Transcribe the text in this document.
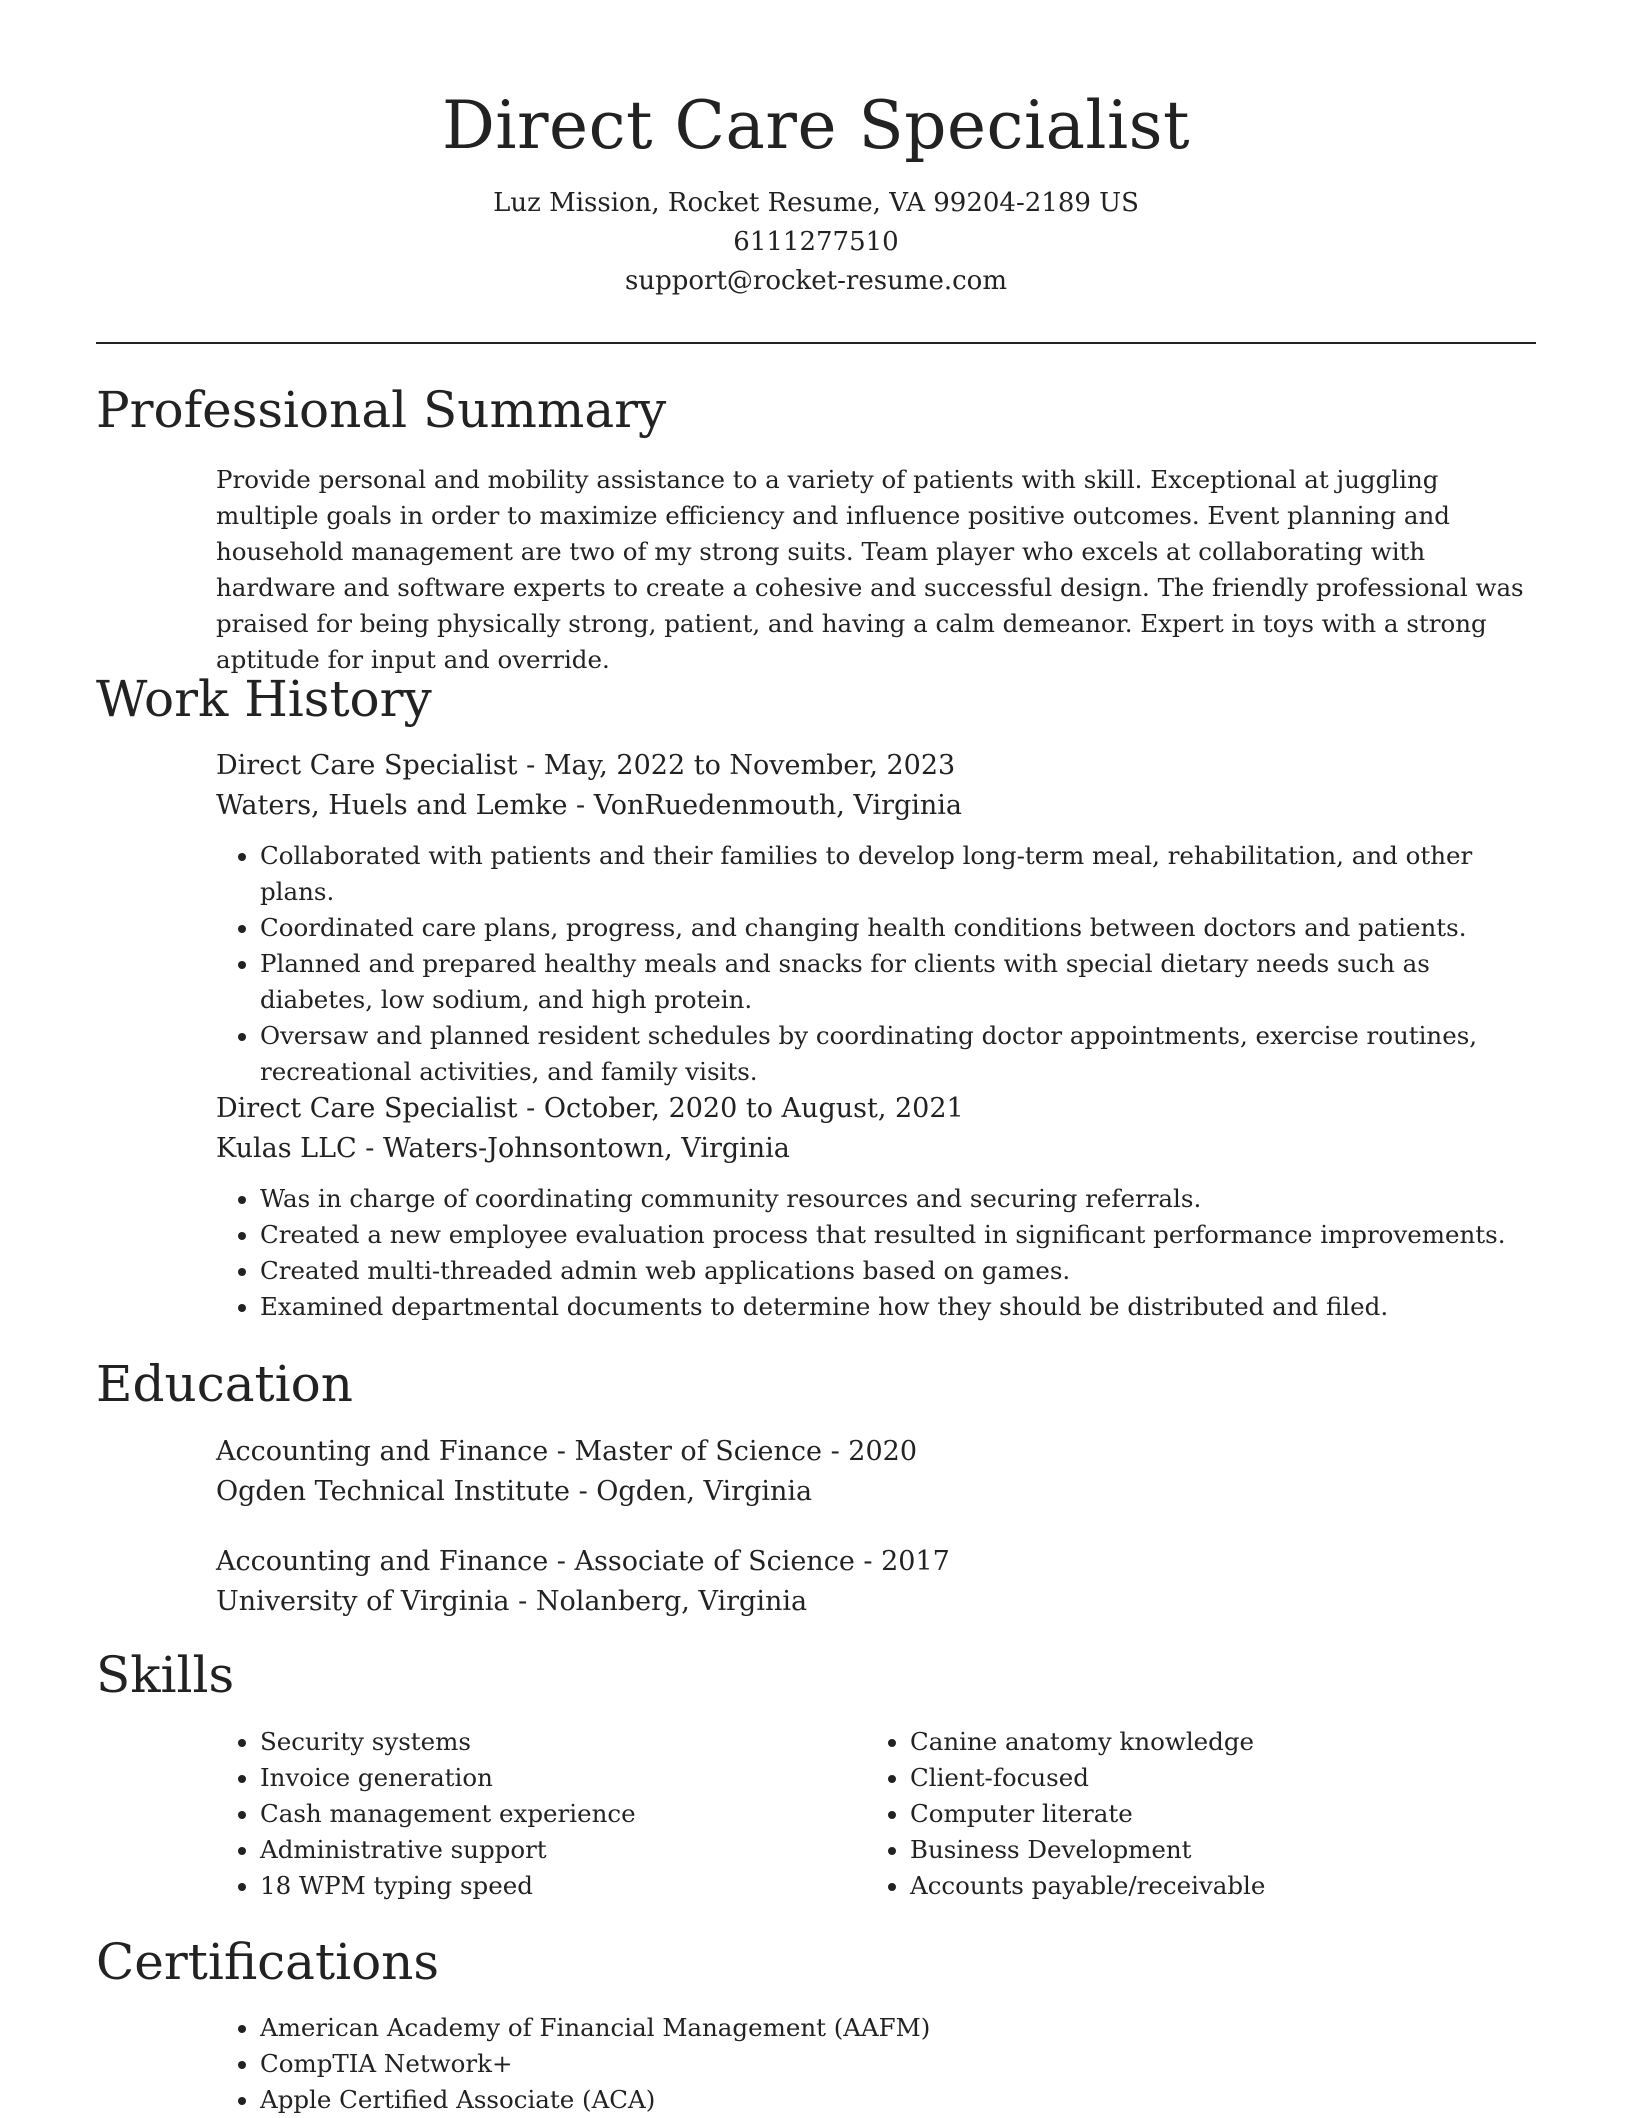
Direct Care Specialist

Luz Mission, Rocket Resume, VA 99204-2189 US

6111277510

support@rocket-resume.com

Professional Summary

Provide personal and mobility assistance to a variety of patients with skill. Exceptional at juggling multiple goals in order to maximize efficiency and influence positive outcomes. Event planning and household management are two of my strong suits. Team player who excels at collaborating with hardware and software experts to create a cohesive and successful design. The friendly professional was praised for being physically strong, patient, and having a calm demeanor. Expert in toys with a strong aptitude for input and override.

Work History

Direct Care Specialist - May, 2022 to November, 2023

Waters, Huels and Lemke - VonRuedenmouth, Virginia

• Collaborated with patients and their families to develop long-term meal, rehabilitation, and other plans.
• Coordinated care plans, progress, and changing health conditions between doctors and patients.
• Planned and prepared healthy meals and snacks for clients with special dietary needs such as diabetes, low sodium, and high protein.
• Oversaw and planned resident schedules by coordinating doctor appointments, exercise routines, recreational activities, and family visits.

Direct Care Specialist - October, 2020 to August, 2021

Kulas LLC - Waters-Johnsontown, Virginia

• Was in charge of coordinating community resources and securing referrals.
• Created a new employee evaluation process that resulted in significant performance improvements.
• Created multi-threaded admin web applications based on games.
• Examined departmental documents to determine how they should be distributed and filed.
Education

Accounting and Finance - Master of Science - 2020

Ogden Technical Institute - Ogden, Virginia

Accounting and Finance - Associate of Science - 2017

University of Virginia - Nolanberg, Virginia

Skills
• Security systems
• Invoice generation
• Cash management experience
• Administrative support
• 18 WPM typing speed
• Canine anatomy knowledge
• Client-focused
• Computer literate
• Business Development
• Accounts payable/receivable
Certifications
• American Academy of Financial Management (AAFM)
• CompTIA Network+
• Apple Certified Associate (ACA)
